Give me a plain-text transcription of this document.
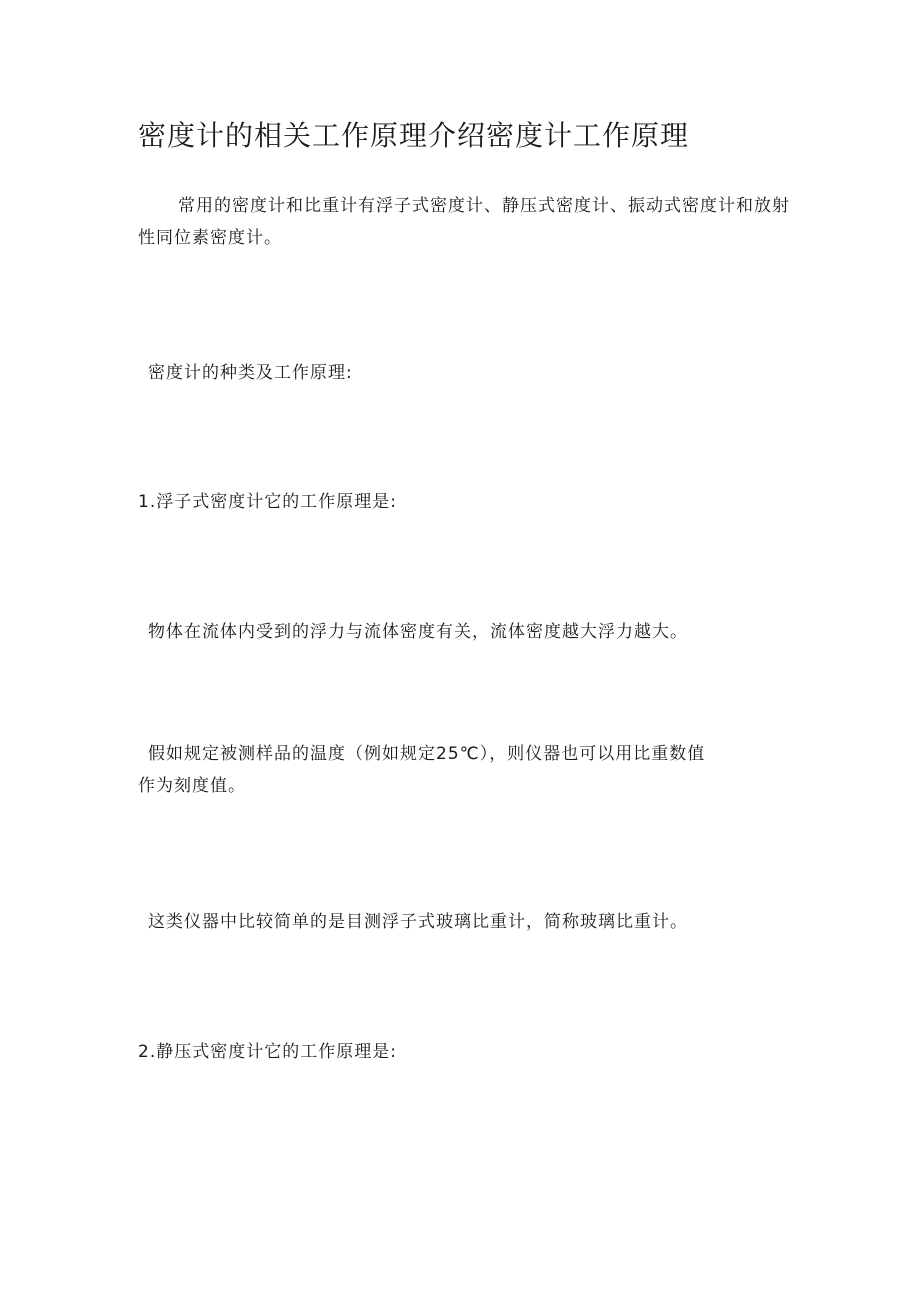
密度计的相关工作原理介绍密度计工作原理

常用的密度计和比重计有浮子式密度计、静压式密度计、振动式密度计和放射性同位素密度计。

密度计的种类及工作原理:

1.浮子式密度计它的工作原理是:

物体在流体内受到的浮力与流体密度有关，流体密度越大浮力越大。

假如规定被测样品的温度（例如规定25℃），则仪器也可以用比重数值
作为刻度值。

这类仪器中比较简单的是目测浮子式玻璃比重计，简称玻璃比重计。

2.静压式密度计它的工作原理是:
